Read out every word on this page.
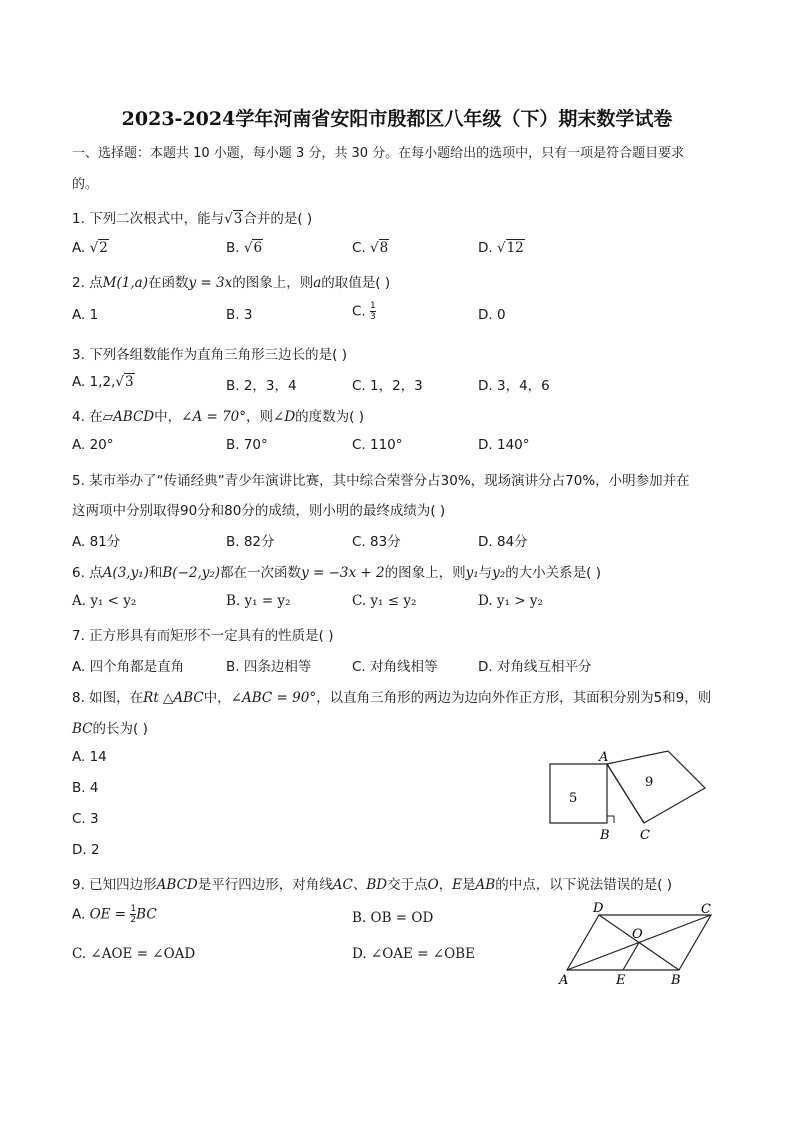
2023-2024学年河南省安阳市殷都区八年级（下）期末数学试卷
一、选择题：本题共 10 小题，每小题 3 分，共 30 分。在每小题给出的选项中，只有一项是符合题目要求
的。
1. 下列二次根式中，能与√3合并的是( )
A. √2	B. √6	C. √8	D. √12
2. 点M(1,a)在函数y = 3x的图象上，则a的取值是( )
A. 1	B. 3	C. $\frac{1}{3}$	D. 0
3. 下列各组数能作为直角三角形三边长的是( )
A. 1,2,√3	B. 2，3，4	C. 1，2，3	D. 3，4，6
4. 在▱ABCD中，∠A = 70°，则∠D的度数为( )
A. 20°	B. 70°	C. 110°	D. 140°
5. 某市举办了“传诵经典”青少年演讲比赛，其中综合荣誉分占30%，现场演讲分占70%，小明参加并在
这两项中分别取得90分和80分的成绩，则小明的最终成绩为( )
A. 81分	B. 82分	C. 83分	D. 84分
6. 点A(3,y₁)和B(−2,y₂)都在一次函数y = −3x + 2的图象上，则y₁与y₂的大小关系是( )
A. y₁ < y₂	B. y₁ = y₂	C. y₁ ≤ y₂	D. y₁ > y₂
7. 正方形具有而矩形不一定具有的性质是( )
A. 四个角都是直角	B. 四条边相等	C. 对角线相等	D. 对角线互相平分
8. 如图，在Rt △ABC中，∠ABC = 90°，以直角三角形的两边为边向外作正方形，其面积分别为5和9，则
BC的长为( )
A. 14
B. 4
C. 3
D. 2
A
B C
5
9
9. 已知四边形ABCD是平行四边形，对角线AC、BD交于点O，E是AB的中点，以下说法错误的是( )
A. OE = $\frac{1}{2}$ BC	B. OB = OD
C. ∠AOE = ∠OAD	D. ∠OAE = ∠OBE
D	C
O
A	E	B
